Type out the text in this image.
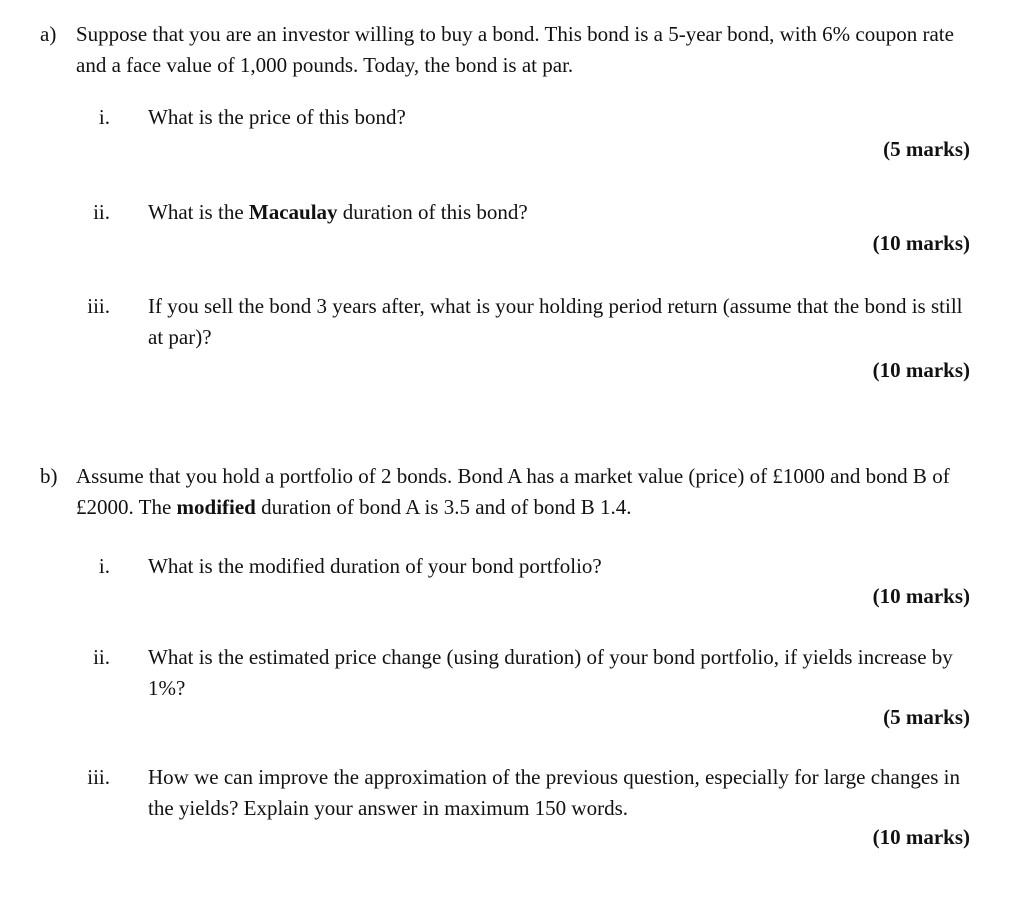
a) Suppose that you are an investor willing to buy a bond. This bond is a 5-year bond, with 6% coupon rate and a face value of 1,000 pounds. Today, the bond is at par.
i. What is the price of this bond?
(5 marks)
ii. What is the Macaulay duration of this bond?
(10 marks)
iii. If you sell the bond 3 years after, what is your holding period return (assume that the bond is still at par)?
(10 marks)
b) Assume that you hold a portfolio of 2 bonds. Bond A has a market value (price) of £1000 and bond B of £2000. The modified duration of bond A is 3.5 and of bond B 1.4.
i. What is the modified duration of your bond portfolio?
(10 marks)
ii. What is the estimated price change (using duration) of your bond portfolio, if yields increase by 1%?
(5 marks)
iii. How we can improve the approximation of the previous question, especially for large changes in the yields? Explain your answer in maximum 150 words.
(10 marks)
